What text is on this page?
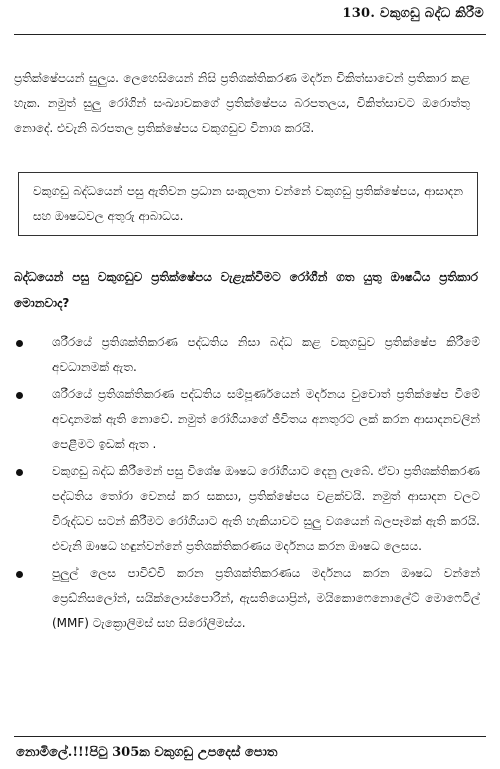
130. වකුගඩු බද්ධ කිරීම

ප්‍රතික්ෂේපයන් සුලුය. ලෙහෙසියෙන් නිසි ප්‍රතිශක්තිකරණ මර්දන චිකිත්සාවෙන් ප්‍රතිකාර කළ හැක. නමුත් සුලු රෝගින් සංඛ්‍යාවකගේ ප්‍රතික්ෂේපය බරපතලය, චිකිත්සාවට ඔරොත්තු නොදේ. එවැනි බරපතල ප්‍රතික්ෂේපය වකුගඩුව විනාශ කරයි.

වකුගඩු බද්ධයෙන් පසු ඇතිවන ප්‍රධාන සංකූලතා වන්නේ වකුගඩු ප්‍රතික්ෂේපය, ආසාදන සහ ඖෂධවල අතුරු ආබාධය.

බද්ධයෙන් පසු වකුගඩුව ප්‍රතික්ෂේපය වැළැක්වීමට රෝගීන් ගත යුතු ඖෂධීය ප්‍රතිකාර මොනවාද?

ශරීරයේ ප්‍රතිශක්තිකරණ පද්ධතිය නිසා බද්ධ කළ වකුගඩුව ප්‍රතික්ෂේප කිරීමේ අවධානමක් ඇත.
ශරීරයේ ප්‍රතිශක්තිකරණ පද්ධතිය සම්පූර්ණයෙන් මර්දනය වුවොත් ප්‍රතික්ෂේප වීමේ අවදානමක් ඇති නොවේ. නමුත් රෝගියාගේ ජීවිතය අනතුරට ලක් කරන ආසාදනවලින් පෙළීමට ඉඩක් ඇත .
වකුගඩු බද්ධ කිරීමෙන් පසු විශේෂ ඖෂධ රෝගියාට දෙනු ලැබේ. ඒවා ප්‍රතිශක්තිකරණ පද්ධතිය තෝරා වෙනස් කර සකසා, ප්‍රතික්ෂේපය වළක්වයි. නමුත් ආසාදන වලට විරුද්ධව සටන් කිරීමට රෝගියාට ඇති හැකියාවට සුලු වශයෙන් බලපෑමක් ඇති කරයි. එවැනි ඖෂධ හඳුන්වන්නේ ප්‍රතිශක්තිකරණය මර්දනය කරන ඖෂධ ලෙසය.
පුලුල් ලෙස පාවිච්චි කරන ප්‍රතිශක්තිකරණය මර්දනය කරන ඖෂධ වන්නේ ප්‍රෙඩ්නිසලෝන්, සයික්ලොස්පොරින්, ඇසතියොප්‍රින්, මයිකොෆෙනොලේට් මොෆෙටිල් (MMF) ටැක්‍රොලිමස් සහ සිරෝලිමස්ය.
නොමිලේ.!!!පිටු 305ක වකුගඩු උපදෙස් පොත
